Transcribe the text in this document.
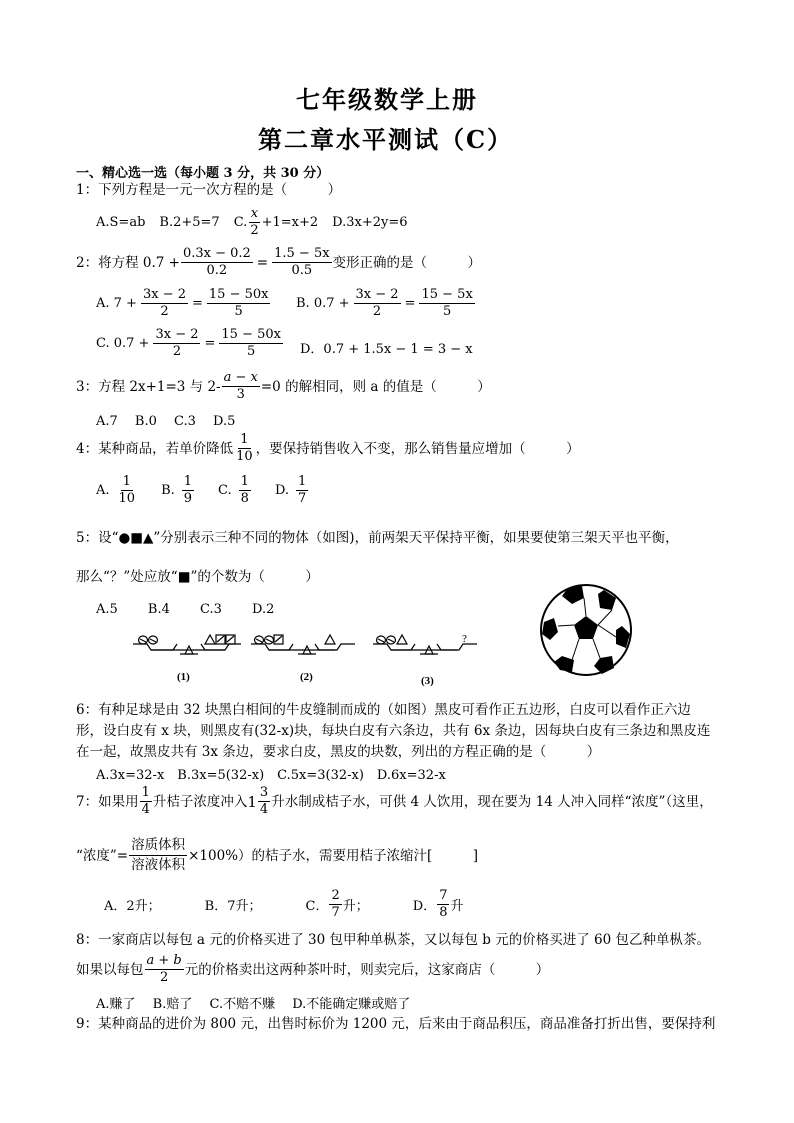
七年级数学上册
第二章水平测试（C）
一、精心选一选（每小题 3 分，共 30 分）
1：下列方程是一元一次方程的是（　　　）
A.S=ab B.2+5=7 C. $\frac{x}{2} +1=x+2$ D.3x+2y=6
2：将方程 $0.7 + \frac{0.3x - 0.2}{0.2} = \frac{1.5 - 5x}{0.5}$ 变形正确的是（　　　）
A. $7 + \frac{3x - 2}{2} = \frac{15 - 50x}{5} B$. $0.7 + \frac{3x - 2}{2} = \frac{15 - 5x}{5}$
C. $0.7 + \frac{3x - 2}{2} = \frac{15 - 50x}{5}$ D．0.7 + 1.5x − 1 = 3 − x
3：方程 2x+1=3 与 $2- \frac{a - x}{3} =0$ 的解相同，则 a 的值是（　　　）
A.7　 B.0　 C.3　 D.5
4：某种商品，若单价降低 $\frac{1}{10}$ ，要保持销售收入不变，那么销售量应增加（　　　）
A. $\frac{1}{10} B$. $\frac{1}{9} C$. $\frac{1}{8} D$. $\frac{1}{7}$
5：设“●■▲”分别表示三种不同的物体（如图)，前两架天平保持平衡，如果要使第三架天平也平衡，
那么“？”处应放“■”的个数为（　　　）
A.5　　 B.4　　 C.3　　 D.2
?
(1)	(2)	(3)
6：有种足球是由 32 块黑白相间的牛皮缝制而成的（如图）黑皮可看作正五边形，白皮可以看作正六边形，设白皮有 x 块，则黑皮有(32-x)块，每块白皮有六条边，共有 6x 条边，因每块白皮有三条边和黑皮连在一起，故黑皮共有 3x 条边，要求白皮，黑皮的块数，列出的方程正确的是（　　　）
A.3x=32-x　B.3x=5(32-x)　C.5x=3(32-x)　D.6x=32-x
7：如果用 $\frac{1}{4}$ 升桔子浓度冲入 $1 \frac{3}{4}$ 升水制成桔子水，可供 4 人饮用，现在要为 14 人冲入同样“浓度”（这里，
“浓度”= $\frac{\text{溶质体积}}{\text{溶液体积}} \times 100\%$）的桔子水，需要用桔子浓缩汁[　　　]
A．2升；	B．7升；	C． $\frac{2}{7}$ 升；	D． $\frac{7}{8}$ 升
8：一家商店以每包 a 元的价格买进了 30 包甲种单枞茶，又以每包 b 元的价格买进了 60 包乙种单枞茶。
如果以每包 $\frac{a + b}{2}$ 元的价格卖出这两种茶叶时，则卖完后，这家商店（　　　）
A.赚了　 B.赔了　 C.不赔不赚　 D.不能确定赚或赔了
9：某种商品的进价为 800 元，出售时标价为 1200 元，后来由于商品积压，商品准备打折出售，要保持利
